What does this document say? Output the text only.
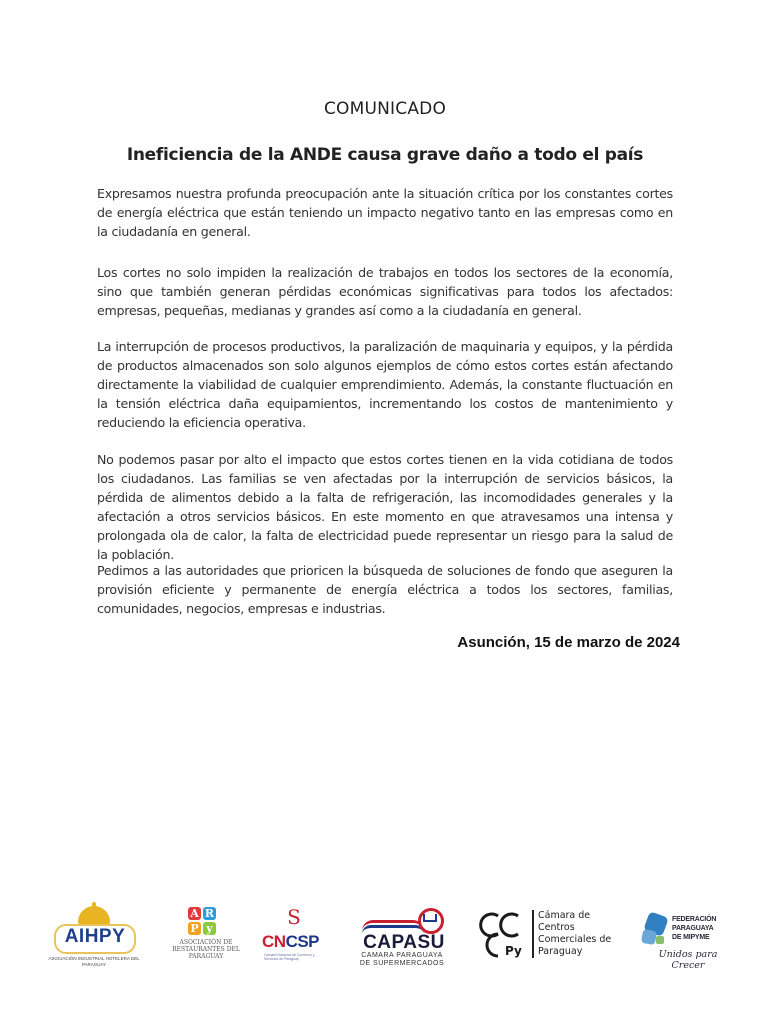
COMUNICADO
Ineficiencia de la ANDE causa grave daño a todo el país

Expresamos nuestra profunda preocupación ante la situación crítica por los constantes cortes de energía eléctrica que están teniendo un impacto negativo tanto en las empresas como en la ciudadanía en general.

Los cortes no solo impiden la realización de trabajos en todos los sectores de la economía, sino que también generan pérdidas económicas significativas para todos los afectados: empresas, pequeñas, medianas y grandes así como a la ciudadanía en general.

La interrupción de procesos productivos, la paralización de maquinaria y equipos, y la pérdida de productos almacenados son solo algunos ejemplos de cómo estos cortes están afectando directamente la viabilidad de cualquier emprendimiento. Además, la constante fluctuación en la tensión eléctrica daña equipamientos, incrementando los costos de mantenimiento y reduciendo la eficiencia operativa.

No podemos pasar por alto el impacto que estos cortes tienen en la vida cotidiana de todos los ciudadanos. Las familias se ven afectadas por la interrupción de servicios básicos, la pérdida de alimentos debido a la falta de refrigeración, las incomodidades generales y la afectación a otros servicios básicos. En este momento en que atravesamos una intensa y prolongada ola de calor, la falta de electricidad puede representar un riesgo para la salud de la población.

Pedimos a las autoridades que prioricen la búsqueda de soluciones de fondo que aseguren la provisión eficiente y permanente de energía eléctrica a todos los sectores, familias, comunidades, negocios, empresas e industrias.

Asunción, 15 de marzo de 2024
AIHPY
ASOCIACIÓN INDUSTRIAL HOTELERA DEL PARAGUAY
A R
P y
ASOCIACIÓN DE RESTAURANTES DEL PARAGUAY
S
CNCSP
Cámara Nacional de Comercio y Servicios de Paraguay
CAPASU
CAMARA PARAGUAYA
DE SUPERMERCADOS
Py
Cámara de
Centros
Comerciales de
Paraguay
FEDERACIÓN
PARAGUAYA
DE MIPYME
Unidos para Crecer
